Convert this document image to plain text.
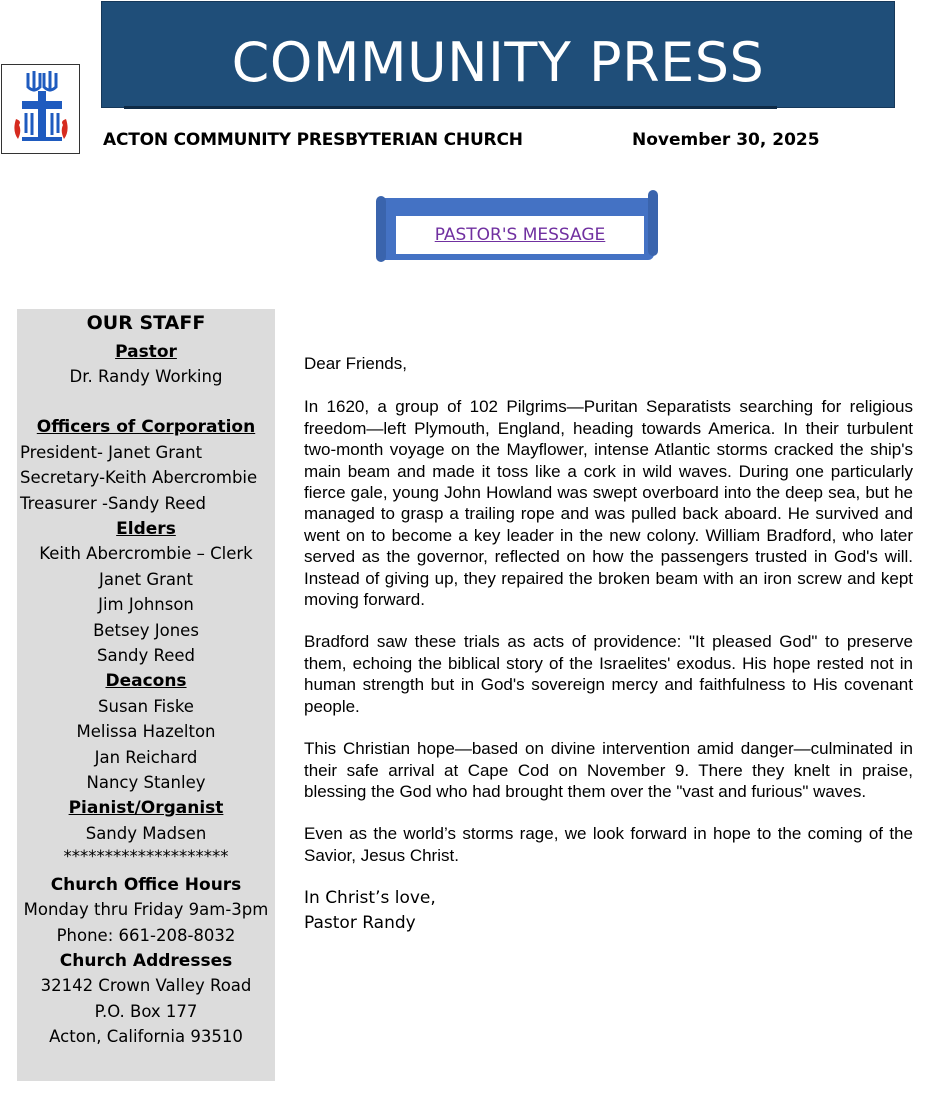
COMMUNITY PRESS
ACTON COMMUNITY PRESBYTERIAN CHURCH	November 30, 2025
PASTOR'S MESSAGE
OUR STAFF
Pastor
Dr. Randy Working
Officers of Corporation
President- Janet Grant
Secretary-Keith Abercrombie
Treasurer -Sandy Reed
Elders
Keith Abercrombie – Clerk
Janet Grant
Jim Johnson
Betsey Jones
Sandy Reed
Deacons
Susan Fiske
Melissa Hazelton
Jan Reichard
Nancy Stanley
Pianist/Organist
Sandy Madsen
********************
Church Office Hours
Monday thru Friday 9am-3pm
Phone: 661-208-8032
Church Addresses
32142 Crown Valley Road
P.O. Box 177
Acton, California 93510

Dear Friends,

In 1620, a group of 102 Pilgrims—Puritan Separatists searching for religious freedom—left Plymouth, England, heading towards America. In their turbulent two-month voyage on the Mayflower, intense Atlantic storms cracked the ship's main beam and made it toss like a cork in wild waves. During one particularly fierce gale, young John Howland was swept overboard into the deep sea, but he managed to grasp a trailing rope and was pulled back aboard. He survived and went on to become a key leader in the new colony. William Bradford, who later served as the governor, reflected on how the passengers trusted in God's will. Instead of giving up, they repaired the broken beam with an iron screw and kept moving forward.

Bradford saw these trials as acts of providence: "It pleased God" to preserve them, echoing the biblical story of the Israelites' exodus. His hope rested not in human strength but in God's sovereign mercy and faithfulness to His covenant people.

This Christian hope—based on divine intervention amid danger—culminated in their safe arrival at Cape Cod on November 9. There they knelt in praise, blessing the God who had brought them over the "vast and furious" waves.

Even as the world’s storms rage, we look forward in hope to the coming of the Savior, Jesus Christ.

In Christ’s love,

Pastor Randy
